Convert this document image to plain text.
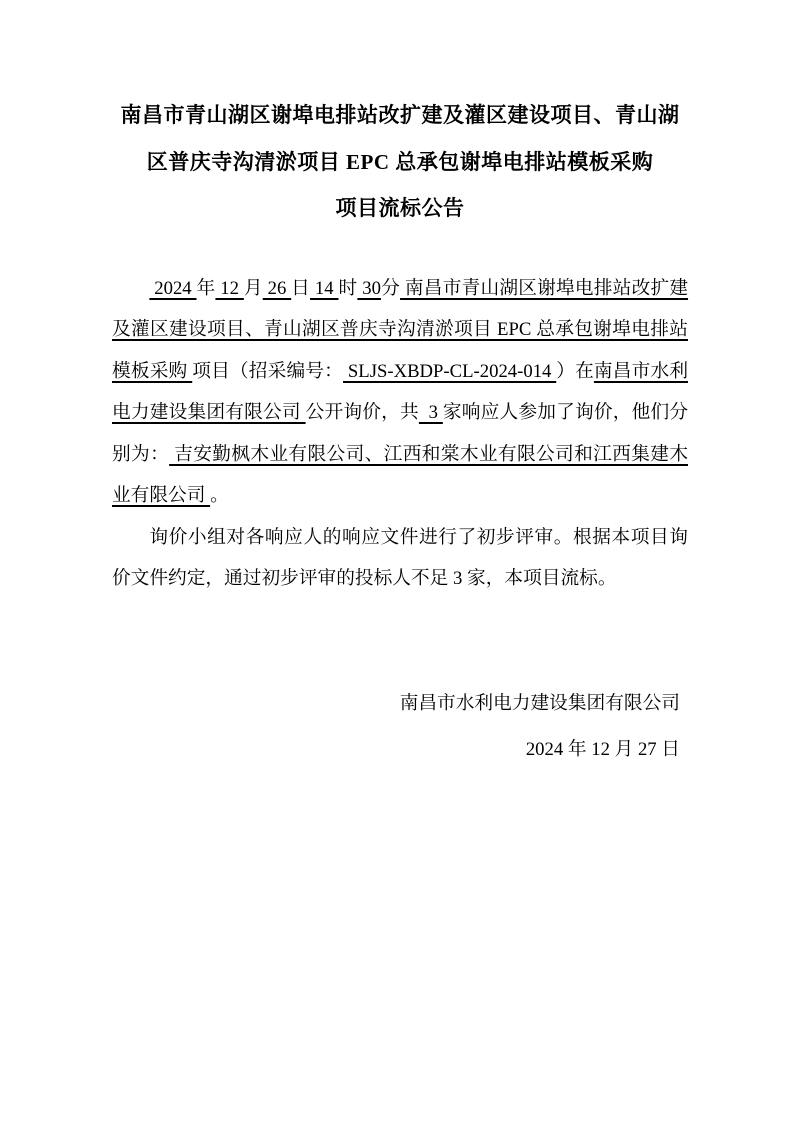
南昌市青山湖区谢埠电排站改扩建及灌区建设项目、青山湖
区普庆寺沟清淤项目 EPC 总承包谢埠电排站模板采购
项目流标公告

2024 年 12 月 26 日 14 时 30分 南昌市青山湖区谢埠电排站改扩建及灌区建设项目、青山湖区普庆寺沟清淤项目 EPC 总承包谢埠电排站模板采购 项目（招采编号： SLJS-XBDP-CL-2024-014 ）在南昌市水利电力建设集团有限公司 公开询价，共  3 家响应人参加了询价，他们分别为： 吉安勤枫木业有限公司、江西和棠木业有限公司和江西集建木业有限公司 。

询价小组对各响应人的响应文件进行了初步评审。根据本项目询价文件约定，通过初步评审的投标人不足 3 家，本项目流标。

南昌市水利电力建设集团有限公司
2024 年 12 月 27 日
